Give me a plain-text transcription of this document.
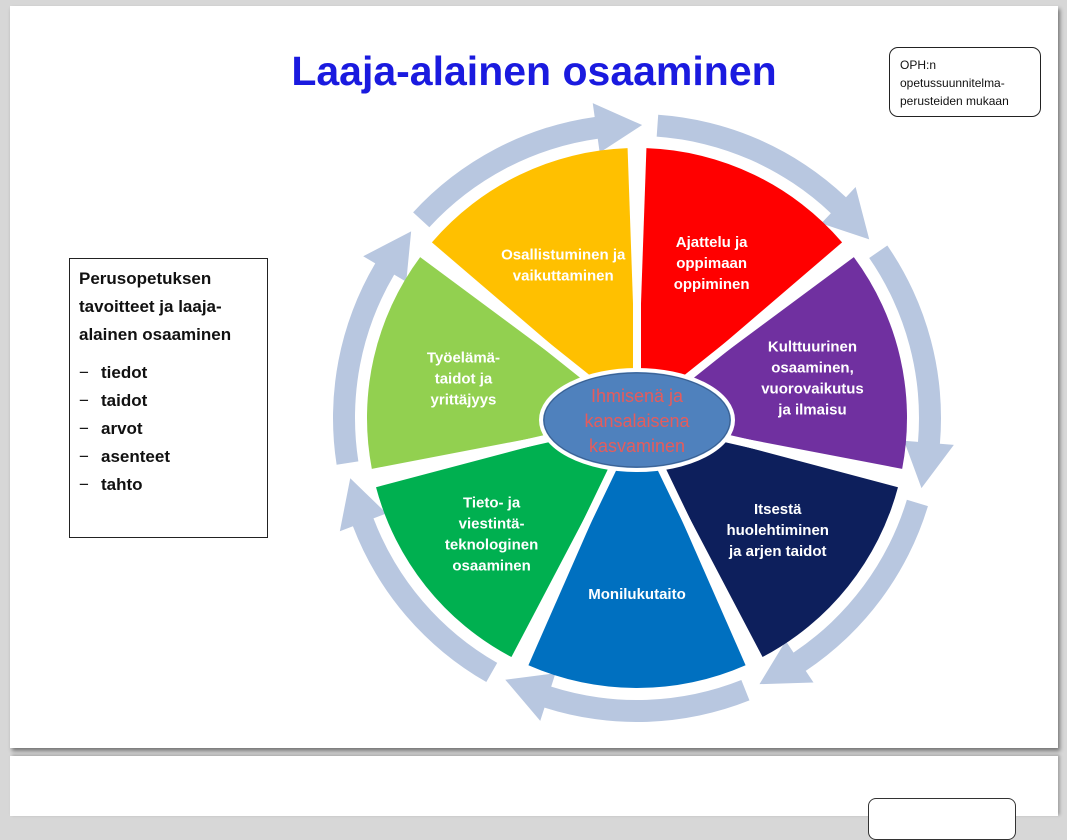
Laaja-alainen osaaminen	OPH:n
opetussuunnitelma-
perusteiden mukaan
Perusopetuksen
tavoitteet ja laaja-
alainen osaaminen
− tiedot
− taidot
− arvot
− asenteet
− tahto
Ajattelu ja
oppimaan
oppiminen
Kulttuurinen
osaaminen,
vuorovaikutus
ja ilmaisu
Itsestä
huolehtiminen
ja arjen taidot
Monilukutaito
Tieto- ja
viestintä-
teknologinen
osaaminen
Työelämä-
taidot ja
yrittäjyys
Osallistuminen ja
vaikuttaminen
Ihmisenä ja
kansalaisena
kasvaminen
